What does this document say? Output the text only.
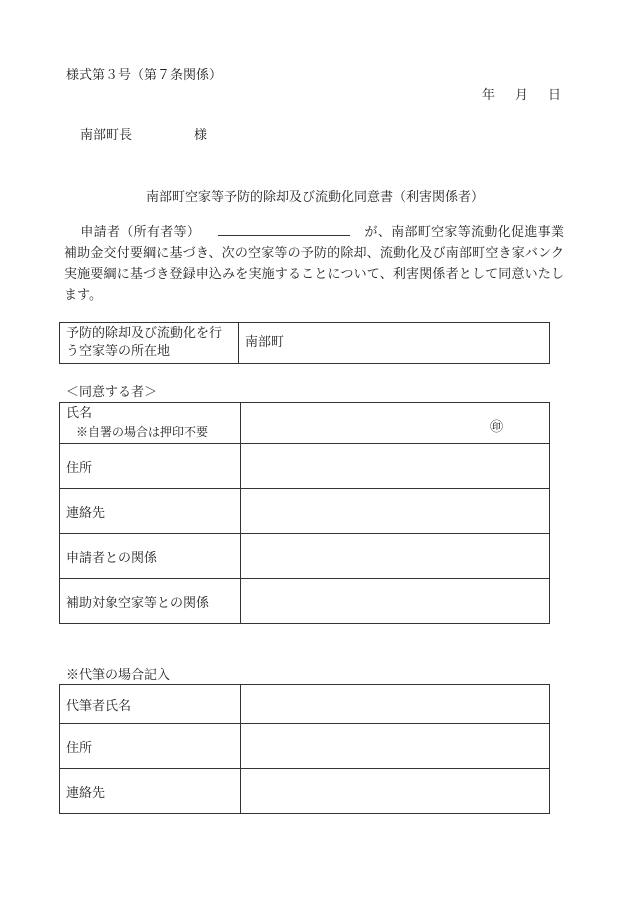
様式第３号（第７条関係）
年 月 日
南部町長	様
南部町空家等予防的除却及び流動化同意書（利害関係者）
申請者（所有者等）	が、南部町空家等流動化促進事業補助金交付要綱に基づき、次の空家等の予防的除却、流動化及び南部町空き家バンク実施要綱に基づき登録申込みを実施することについて、利害関係者として同意いたします。
予防的除却及び流動化を行
う空家等の所在地
	南部町
＜同意する者＞
氏名
※自署の場合は押印不要	㊞

住所	
連絡先	
申請者との関係	
補助対象空家等との関係	
※代筆の場合記入
代筆者氏名	
住所	
連絡先	
